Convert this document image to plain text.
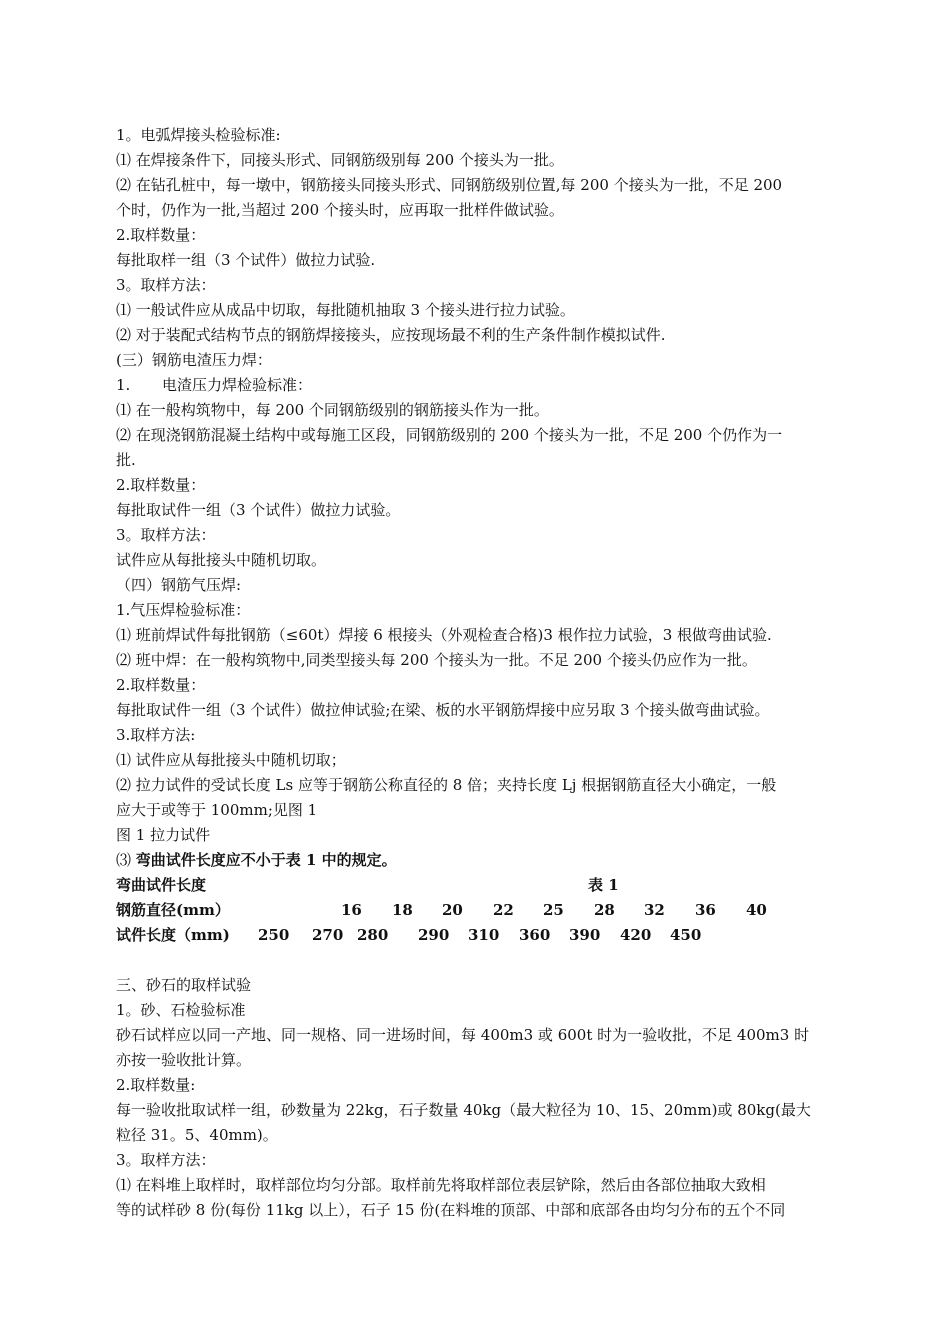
1。电弧焊接头检验标准:
⑴ 在焊接条件下，同接头形式、同钢筋级别每 200 个接头为一批。
⑵ 在钻孔桩中，每一墩中，钢筋接头同接头形式、同钢筋级别位置,每 200 个接头为一批，不足 200
个时，仍作为一批,当超过 200 个接头时，应再取一批样件做试验。
2.取样数量：
每批取样一组（3 个试件）做拉力试验.
3。取样方法：
⑴ 一般试件应从成品中切取，每批随机抽取 3 个接头进行拉力试验。
⑵ 对于装配式结构节点的钢筋焊接接头，应按现场最不利的生产条件制作模拟试件.
(三）钢筋电渣压力焊：
1. 电渣压力焊检验标准：
⑴ 在一般构筑物中，每 200 个同钢筋级别的钢筋接头作为一批。
⑵ 在现浇钢筋混凝土结构中或每施工区段，同钢筋级别的 200 个接头为一批，不足 200 个仍作为一
批.
2.取样数量：
每批取试件一组（3 个试件）做拉力试验。
3。取样方法：
试件应从每批接头中随机切取。
（四）钢筋气压焊:
1.气压焊检验标准：
⑴ 班前焊试件每批钢筋（≤60t）焊接 6 根接头（外观检查合格)3 根作拉力试验，3 根做弯曲试验.
⑵ 班中焊：在一般构筑物中,同类型接头每 200 个接头为一批。不足 200 个接头仍应作为一批。
2.取样数量：
每批取试件一组（3 个试件）做拉伸试验;在梁、板的水平钢筋焊接中应另取 3 个接头做弯曲试验。
3.取样方法:
⑴ 试件应从每批接头中随机切取；
⑵ 拉力试件的受试长度 Ls 应等于钢筋公称直径的 8 倍；夹持长度 Lj 根据钢筋直径大小确定，一般
应大于或等于 100mm;见图 1
图 1 拉力试件
⑶ 弯曲试件长度应不小于表 1 中的规定。
弯曲试件长度	表 1
钢筋直径(mm）	16 18 20 22 25 28 32 36 40
试件长度（mm) 250 270 280 290 310 360 390 420 450
三、砂石的取样试验
1。砂、石检验标准
砂石试样应以同一产地、同一规格、同一进场时间，每 400m3 或 600t 时为一验收批，不足 400m3 时
亦按一验收批计算。
2.取样数量:
每一验收批取试样一组，砂数量为 22kg，石子数量 40kg（最大粒径为 10、15、20mm)或 80kg(最大
粒径 31。5、40mm)。
3。取样方法：
⑴ 在料堆上取样时，取样部位均匀分部。取样前先将取样部位表层铲除，然后由各部位抽取大致相
等的试样砂 8 份(每份 11kg 以上），石子 15 份(在料堆的顶部、中部和底部各由均匀分布的五个不同
